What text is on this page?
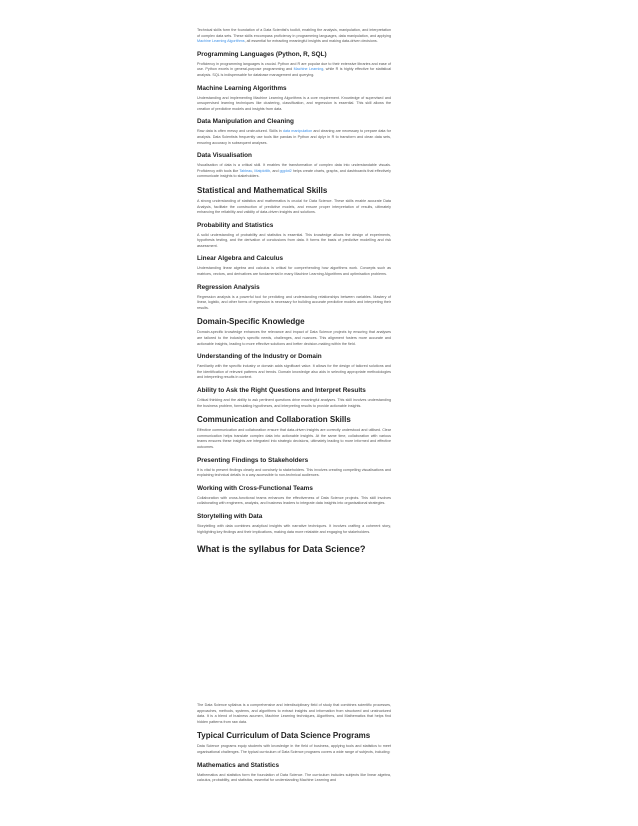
Technical skills form the foundation of a Data Scientist's toolkit, enabling the analysis, manipulation, and interpretation of complex data sets. These skills encompass proficiency in programming languages, data manipulation, and applying Machine Learning Algorithms, all essential for extracting meaningful insights and making data-driven decisions.

Programming Languages (Python, R, SQL)

Proficiency in programming languages is crucial. Python and R are popular due to their extensive libraries and ease of use. Python excels in general-purpose programming and Machine Learning, while R is highly effective for statistical analysis. SQL is indispensable for database management and querying.

Machine Learning Algorithms

Understanding and implementing Machine Learning Algorithms is a core requirement. Knowledge of supervised and unsupervised learning techniques like clustering, classification, and regression is essential. This skill allows the creation of predictive models and insights from data.

Data Manipulation and Cleaning

Raw data is often messy and unstructured. Skills in data manipulation and cleaning are necessary to prepare data for analysis. Data Scientists frequently use tools like pandas in Python and dplyr in R to transform and clean data sets, ensuring accuracy in subsequent analyses.

Data Visualisation

Visualisation of data is a critical skill. It enables the transformation of complex data into understandable visuals. Proficiency with tools like Tableau, Matplotlib, and ggplot2 helps create charts, graphs, and dashboards that effectively communicate insights to stakeholders.

Statistical and Mathematical Skills

A strong understanding of statistics and mathematics is crucial for Data Science. These skills enable accurate Data Analysis, facilitate the construction of predictive models, and ensure proper interpretation of results, ultimately enhancing the reliability and validity of data-driven insights and solutions.

Probability and Statistics

A solid understanding of probability and statistics is essential. This knowledge allows the design of experiments, hypothesis testing, and the derivation of conclusions from data. It forms the basis of predictive modelling and risk assessment.

Linear Algebra and Calculus

Understanding linear algebra and calculus is critical for comprehending how algorithms work. Concepts such as matrices, vectors, and derivatives are fundamental in many Machine Learning Algorithms and optimisation problems.

Regression Analysis

Regression analysis is a powerful tool for predicting and understanding relationships between variables. Mastery of linear, logistic, and other forms of regression is necessary for building accurate predictive models and interpreting their results.

Domain-Specific Knowledge

Domain-specific knowledge enhances the relevance and impact of Data Science projects by ensuring that analyses are tailored to the industry's specific needs, challenges, and nuances. This alignment fosters more accurate and actionable insights, leading to more effective solutions and better decision-making within the field.

Understanding of the Industry or Domain

Familiarity with the specific industry or domain adds significant value. It allows for the design of tailored solutions and the identification of relevant patterns and trends. Domain knowledge also aids in selecting appropriate methodologies and interpreting results in context.

Ability to Ask the Right Questions and Interpret Results

Critical thinking and the ability to ask pertinent questions drive meaningful analyses. This skill involves understanding the business problem, formulating hypotheses, and interpreting results to provide actionable insights.

Communication and Collaboration Skills

Effective communication and collaboration ensure that data-driven insights are correctly understood and utilised. Clear communication helps translate complex data into actionable insights. At the same time, collaboration with various teams ensures these insights are integrated into strategic decisions, ultimately leading to more informed and effective outcomes.

Presenting Findings to Stakeholders

It is vital to present findings clearly and concisely to stakeholders. This involves creating compelling visualisations and explaining technical details in a way accessible to non-technical audiences.

Working with Cross-Functional Teams

Collaboration with cross-functional teams enhances the effectiveness of Data Science projects. This skill involves collaborating with engineers, analysts, and business leaders to integrate data insights into organisational strategies.

Storytelling with Data

Storytelling with data combines analytical insights with narrative techniques. It involves crafting a coherent story, highlighting key findings and their implications, making data more relatable and engaging for stakeholders.

What is the syllabus for Data Science?

The Data Science syllabus is a comprehensive and interdisciplinary field of study that combines scientific processes, approaches, methods, systems, and algorithms to extract insights and information from structured and unstructured data. It is a blend of business acumen, Machine Learning techniques, Algorithms, and Mathematics that helps find hidden patterns from raw data.

Typical Curriculum of Data Science Programs

Data Science programs equip students with knowledge in the field of business, applying tools and statistics to meet organisational challenges. The typical curriculum of Data Science programs covers a wide range of subjects, including:

Mathematics and Statistics

Mathematics and statistics form the foundation of Data Science. The curriculum includes subjects like linear algebra, calculus, probability, and statistics, essential for understanding Machine Learning and
